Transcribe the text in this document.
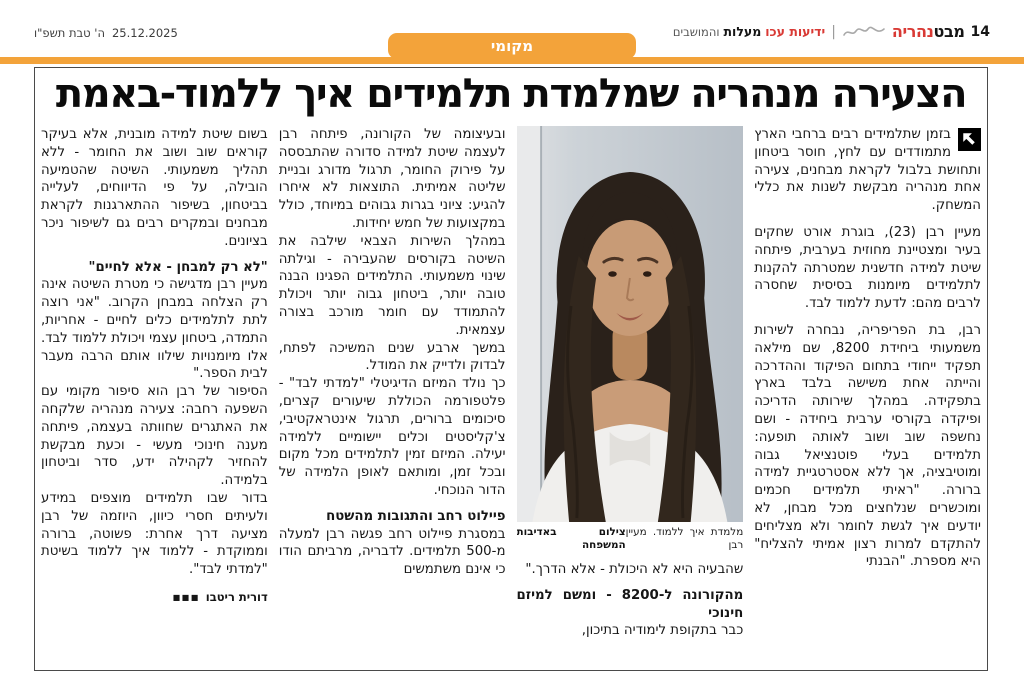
14
מבט
נהריה
|
ידיעות עכו
מעלות
והמושבים
ה' טבת תשפ"ו 25.12.2025
מקומי
הצעירה מנהריה שמלמדת תלמידים איך ללמוד-באמת

בזמן שתלמידים רבים ברחבי הארץ מתמודדים עם לחץ, חוסר ביטחון ותחושת בלבול לקראת מבחנים, צעירה אחת מנהריה מבקשת לשנות את כללי המשחק.

מעיין רבן (23), בוגרת אורט שחקים בעיר ומצטיינת מחוזית בערבית, פיתחה שיטת למידה חדשנית שמטרתה להקנות לתלמידים מיומנות בסיסית שחסרה לרבים מהם: לדעת ללמוד לבד.

רבן, בת הפריפריה, נבחרה לשירות משמעותי ביחידת 8200, שם מילאה תפקיד ייחודי בתחום הפיקוד וההדרכה והייתה אחת משישה בלבד בארץ בתפקידה. במהלך שירותה הדריכה ופיקדה בקורסי ערבית ביחידה - ושם נחשפה שוב ושוב לאותה תופעה: תלמידים בעלי פוטנציאל גבוה ומוטיבציה, אך ללא אסטרטגיית למידה ברורה. "ראיתי תלמידים חכמים ומוכשרים שנלחצים מכל מבחן, לא יודעים איך לגשת לחומר ולא מצליחים להתקדם למרות רצון אמיתי להצליח" היא מספרת. "הבנתי

מלמדת איך ללמוד. מעיין רבן
צילום באדיבות המשפחה

שהבעיה היא לא היכולת - אלא הדרך."

מהקורונה ל-8200 - ומשם למיזם חינוכי

כבר בתקופת לימודיה בתיכון,

ובעיצומה של הקורונה, פיתחה רבן לעצמה שיטת למידה סדורה שהתבססה על פירוק החומר, תרגול מדורג ובניית שליטה אמיתית. התוצאות לא איחרו להגיע: ציוני בגרות גבוהים במיוחד, כולל במקצועות של חמש יחידות.

במהלך השירות הצבאי שילבה את השיטה בקורסים שהעבירה - וגילתה שינוי משמעותי. התלמידים הפגינו הבנה טובה יותר, ביטחון גבוה יותר ויכולת להתמודד עם חומר מורכב בצורה עצמאית.

במשך ארבע שנים המשיכה לפתח, לבדוק ולדייק את המודל.

כך נולד המיזם הדיגיטלי "למדתי לבד" - פלטפורמה הכוללת שיעורים קצרים, סיכומים ברורים, תרגול אינטראקטיבי, צ'קליסטים וכלים יישומיים ללמידה יעילה. המיזם זמין לתלמידים מכל מקום ובכל זמן, ומותאם לאופן הלמידה של הדור הנוכחי.

פיילוט רחב והתגובות מהשטח

במסגרת פיילוט רחב פגשה רבן למעלה מ-500 תלמידים. לדבריה, מרביתם הודו כי אינם משתמשים

בשום שיטת למידה מובנית, אלא בעיקר קוראים שוב ושוב את החומר - ללא תהליך משמעותי. השיטה שהטמיעה הובילה, על פי הדיווחים, לעלייה בביטחון, בשיפור ההתארגנות לקראת מבחנים ובמקרים רבים גם לשיפור ניכר בציונים.

"לא רק למבחן - אלא לחיים"

מעיין רבן מדגישה כי מטרת השיטה אינה רק הצלחה במבחן הקרוב. "אני רוצה לתת לתלמידים כלים לחיים - אחריות, התמדה, ביטחון עצמי ויכולת ללמוד לבד. אלו מיומנויות שילוו אותם הרבה מעבר לבית הספר."

הסיפור של רבן הוא סיפור מקומי עם השפעה רחבה: צעירה מנהריה שלקחה את האתגרים שחוותה בעצמה, פיתחה מענה חינוכי מעשי - וכעת מבקשת להחזיר לקהילה ידע, סדר וביטחון בלמידה.

בדור שבו תלמידים מוצפים במידע ולעיתים חסרי כיוון, היוזמה של רבן מציעה דרך אחרת: פשוטה, ברורה וממוקדת - ללמוד איך ללמוד בשיטת "למדתי לבד".

דורית ריטבו
■■■
